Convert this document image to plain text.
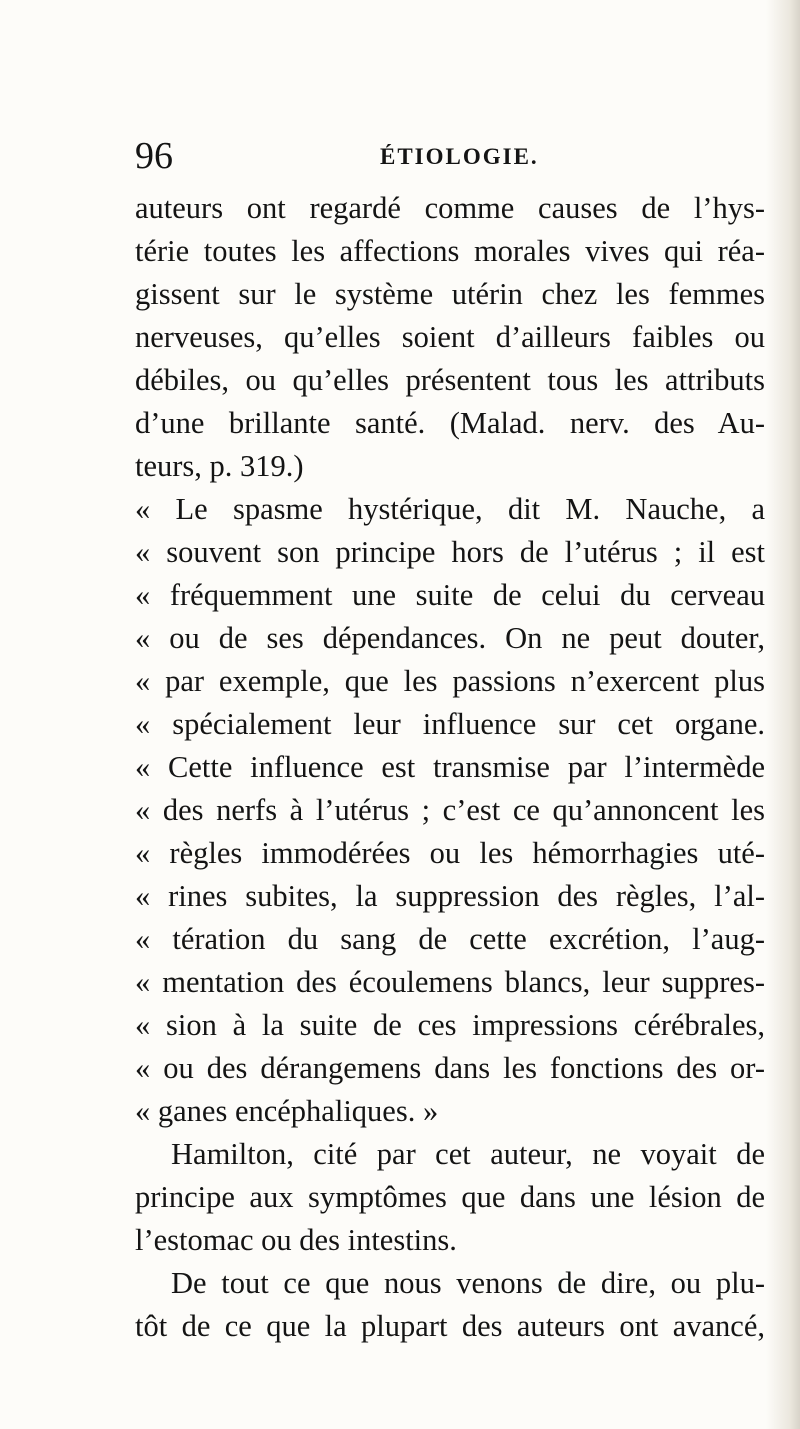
96	ÉTIOLOGIE.
auteurs ont regardé comme causes de l’hys-
térie toutes les affections morales vives qui réa-
gissent sur le système utérin chez les femmes
nerveuses, qu’elles soient d’ailleurs faibles ou
débiles, ou qu’elles présentent tous les attributs
d’une brillante santé. (Malad. nerv. des Au-
teurs, p. 319.)
« Le spasme hystérique, dit M. Nauche, a
« souvent son principe hors de l’utérus ; il est
« fréquemment une suite de celui du cerveau
« ou de ses dépendances. On ne peut douter,
« par exemple, que les passions n’exercent plus
« spécialement leur influence sur cet organe.
« Cette influence est transmise par l’intermède
« des nerfs à l’utérus ; c’est ce qu’annoncent les
« règles immodérées ou les hémorrhagies uté-
« rines subites, la suppression des règles, l’al-
« tération du sang de cette excrétion, l’aug-
« mentation des écoulemens blancs, leur suppres-
« sion à la suite de ces impressions cérébrales,
« ou des dérangemens dans les fonctions des or-
« ganes encéphaliques. »
Hamilton, cité par cet auteur, ne voyait de
principe aux symptômes que dans une lésion de
l’estomac ou des intestins.
De tout ce que nous venons de dire, ou plu-
tôt de ce que la plupart des auteurs ont avancé,
